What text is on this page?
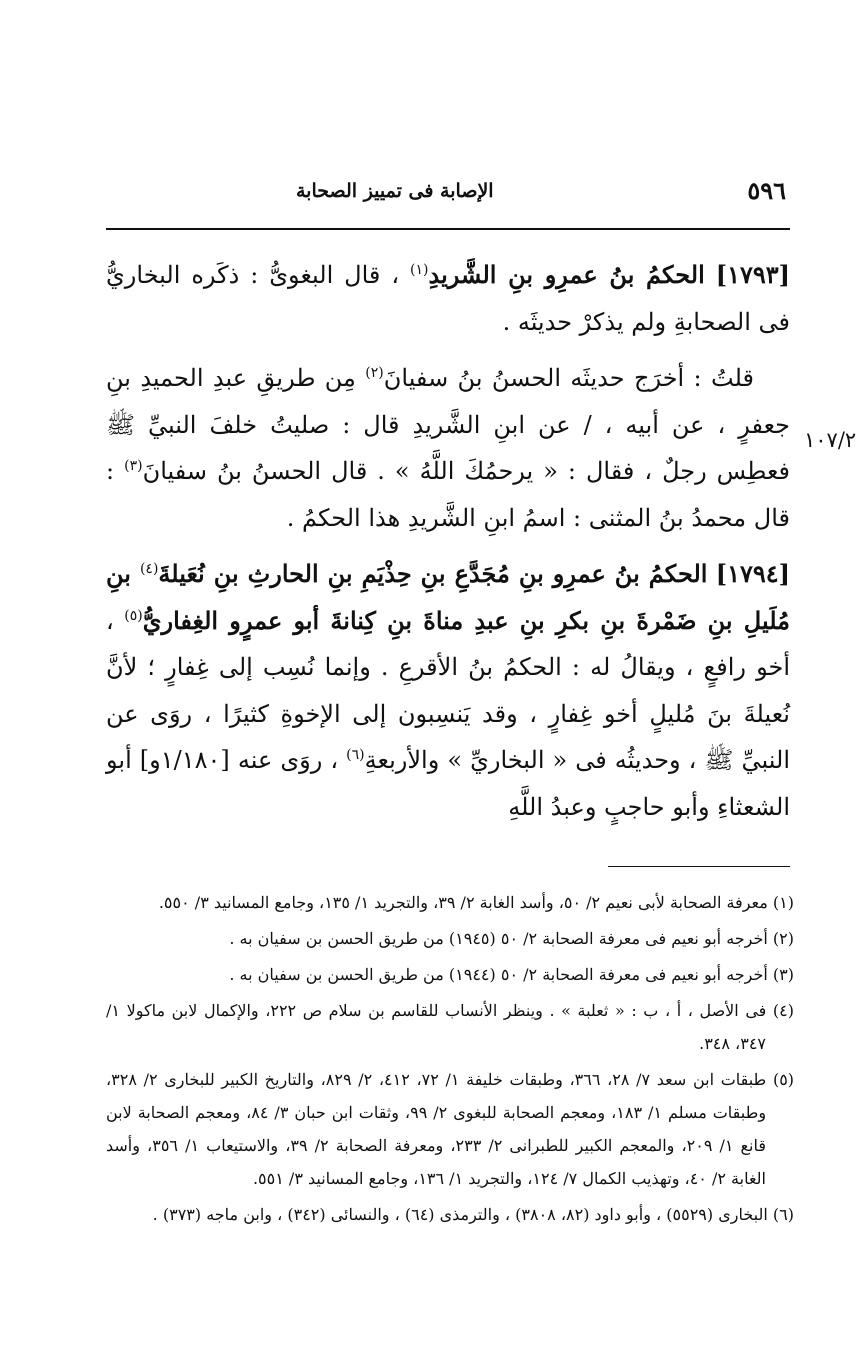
٥٩٦
الإصابة فى تمييز الصحابة
١٠٧/٢

[١٧٩٣] الحكمُ بنُ عمرِو بنِ الشَّريدِ$^{(١)}$ ، قال البغوىُّ : ذكَره البخاريُّ فى الصحابةِ ولم يذكرْ حديثَه .

قلتُ : أخرَج حديثَه الحسنُ بنُ سفيانَ$^{(٢)}$ مِن طريقِ عبدِ الحميدِ بنِ جعفرٍ ، عن أبيه ، / عن ابنِ الشَّريدِ قال : صليتُ خلفَ النبيِّ ﷺ فعطِس رجلٌ ، فقال : « يرحمُكَ اللَّهُ » . قال الحسنُ بنُ سفيانَ$^{(٣)}$ : قال محمدُ بنُ المثنى : اسمُ ابنِ الشَّريدِ هذا الحكمُ .

[١٧٩٤] الحكمُ بنُ عمرِو بنِ مُجَدَّعِ بنِ حِذْيَمِ بنِ الحارثِ بنِ نُعَيلةَ$^{(٤)}$ بنِ مُلَيلِ بنِ ضَمْرةَ بنِ بكرِ بنِ عبدِ مناةَ بنِ كِنانةَ أبو عمرٍو الغِفاريُّ$^{(٥)}$ ، أخو رافعٍ ، ويقالُ له : الحكمُ بنُ الأقرعِ . وإنما نُسِب إلى غِفارٍ ؛ لأنَّ نُعيلةَ بنَ مُليلٍ أخو غِفارٍ ، وقد يَنسِبون إلى الإخوةِ كثيرًا ، روَى عن النبيِّ ﷺ ، وحديثُه فى « البخاريِّ » والأربعةِ$^{(٦)}$ ، روَى عنه [١/١٨٠و] أبو الشعثاءِ وأبو حاجبٍ وعبدُ اللَّهِ

(١) معرفة الصحابة لأبى نعيم ٢/ ٥٠، وأسد الغابة ٢/ ٣٩، والتجريد ١/ ١٣٥، وجامع المسانيد ٣/ ٥٥٠.

(٢) أخرجه أبو نعيم فى معرفة الصحابة ٢/ ٥٠ (١٩٤٥) من طريق الحسن بن سفيان به .

(٣) أخرجه أبو نعيم فى معرفة الصحابة ٢/ ٥٠ (١٩٤٤) من طريق الحسن بن سفيان به .

(٤) فى الأصل ، أ ، ب : « ثعلبة » . وينظر الأنساب للقاسم بن سلام ص ٢٢٢، والإكمال لابن ماكولا ١/ ٣٤٧، ٣٤٨.

(٥) طبقات ابن سعد ٧/ ٢٨، ٣٦٦، وطبقات خليفة ١/ ٧٢، ٤١٢، ٢/ ٨٢٩، والتاريخ الكبير للبخارى ٢/ ٣٢٨، وطبقات مسلم ١/ ١٨٣، ومعجم الصحابة للبغوى ٢/ ٩٩، وثقات ابن حبان ٣/ ٨٤، ومعجم الصحابة لابن قانع ١/ ٢٠٩، والمعجم الكبير للطبرانى ٢/ ٢٣٣، ومعرفة الصحابة ٢/ ٣٩، والاستيعاب ١/ ٣٥٦، وأسد الغابة ٢/ ٤٠، وتهذيب الكمال ٧/ ١٢٤، والتجريد ١/ ١٣٦، وجامع المسانيد ٣/ ٥٥١.

(٦) البخارى (٥٥٢٩) ، وأبو داود (٨٢، ٣٨٠٨) ، والترمذى (٦٤) ، والنسائى (٣٤٢) ، وابن ماجه (٣٧٣) .
